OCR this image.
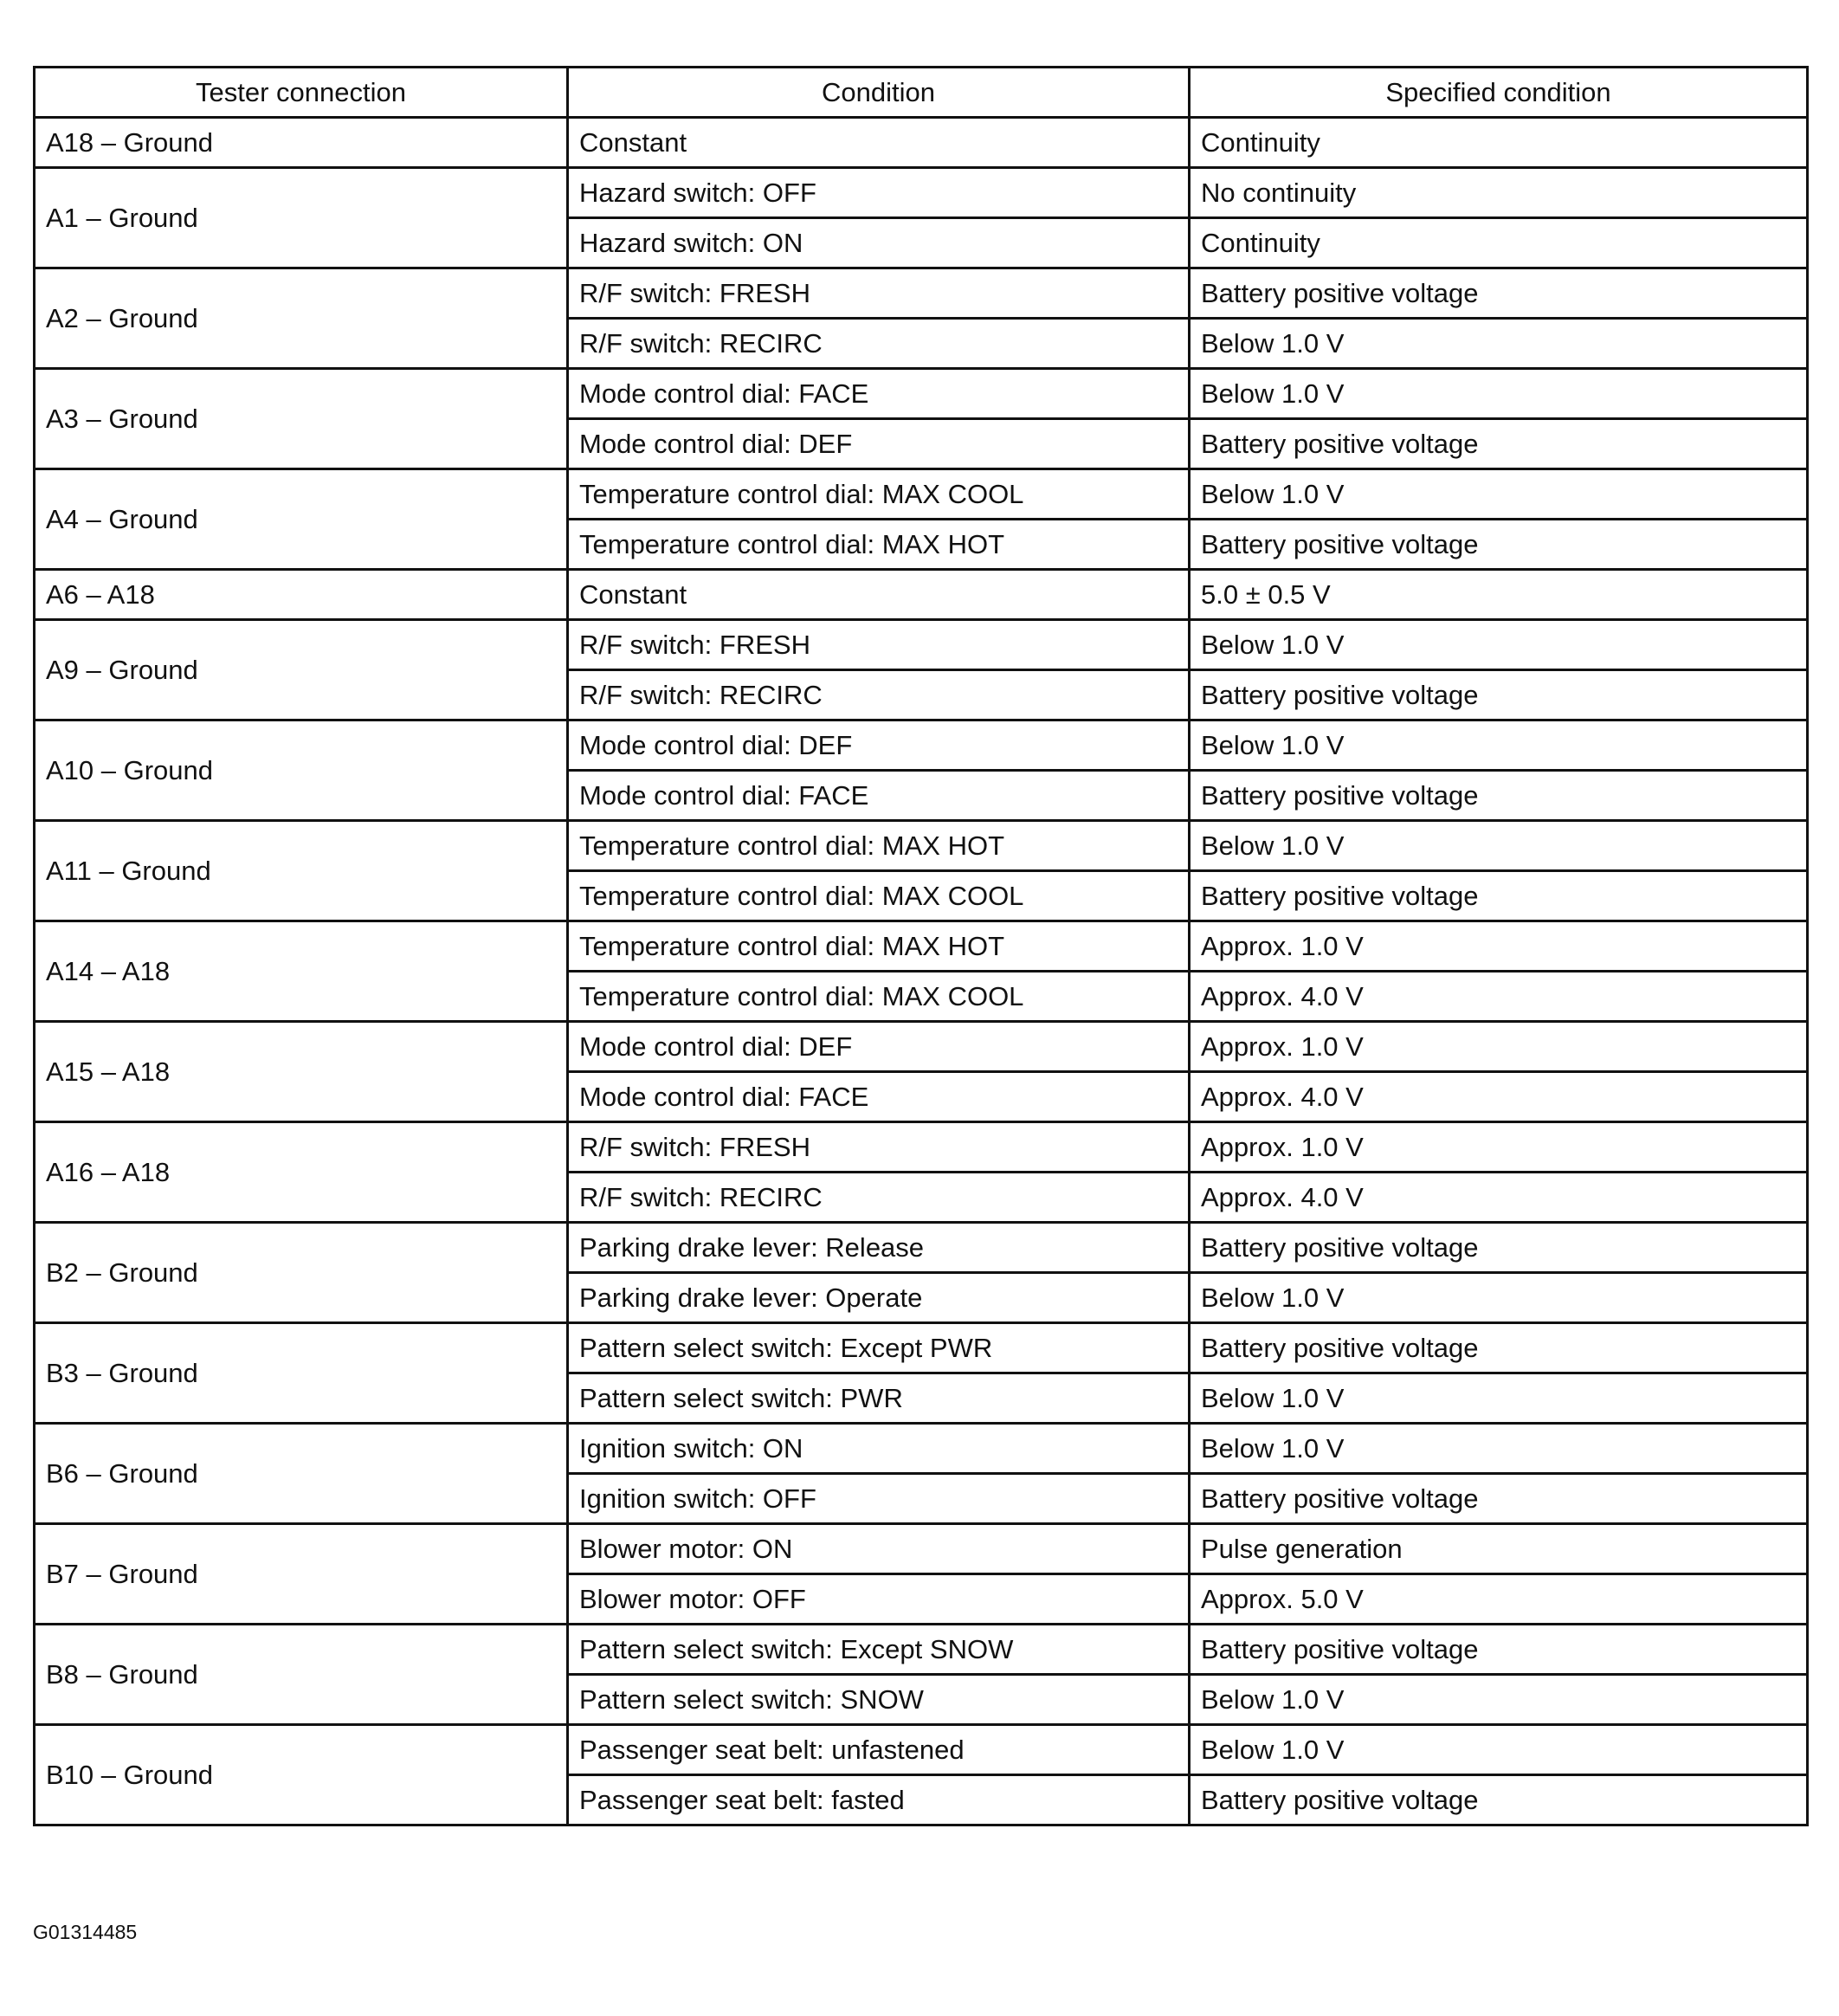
Tester connection	Condition	Specified condition
A18 – Ground	Constant	Continuity
A1 – Ground	Hazard switch: OFF	No continuity
	Hazard switch: ON	Continuity
A2 – Ground	R/F switch: FRESH	Battery positive voltage
	R/F switch: RECIRC	Below 1.0 V
A3 – Ground	Mode control dial: FACE	Below 1.0 V
	Mode control dial: DEF	Battery positive voltage
A4 – Ground	Temperature control dial: MAX COOL	Below 1.0 V
	Temperature control dial: MAX HOT	Battery positive voltage
A6 – A18	Constant	5.0 ± 0.5 V
A9 – Ground	R/F switch: FRESH	Below 1.0 V
	R/F switch: RECIRC	Battery positive voltage
A10 – Ground	Mode control dial: DEF	Below 1.0 V
	Mode control dial: FACE	Battery positive voltage
A11 – Ground	Temperature control dial: MAX HOT	Below 1.0 V
	Temperature control dial: MAX COOL	Battery positive voltage
A14 – A18	Temperature control dial: MAX HOT	Approx. 1.0 V
	Temperature control dial: MAX COOL	Approx. 4.0 V
A15 – A18	Mode control dial: DEF	Approx. 1.0 V
	Mode control dial: FACE	Approx. 4.0 V
A16 – A18	R/F switch: FRESH	Approx. 1.0 V
	R/F switch: RECIRC	Approx. 4.0 V
B2 – Ground	Parking drake lever: Release	Battery positive voltage
	Parking drake lever: Operate	Below 1.0 V
B3 – Ground	Pattern select switch: Except PWR	Battery positive voltage
	Pattern select switch: PWR	Below 1.0 V
B6 – Ground	Ignition switch: ON	Below 1.0 V
	Ignition switch: OFF	Battery positive voltage
B7 – Ground	Blower motor: ON	Pulse generation
	Blower motor: OFF	Approx. 5.0 V
B8 – Ground	Pattern select switch: Except SNOW	Battery positive voltage
	Pattern select switch: SNOW	Below 1.0 V
B10 – Ground	Passenger seat belt: unfastened	Below 1.0 V
	Passenger seat belt: fasted	Battery positive voltage
G01314485
